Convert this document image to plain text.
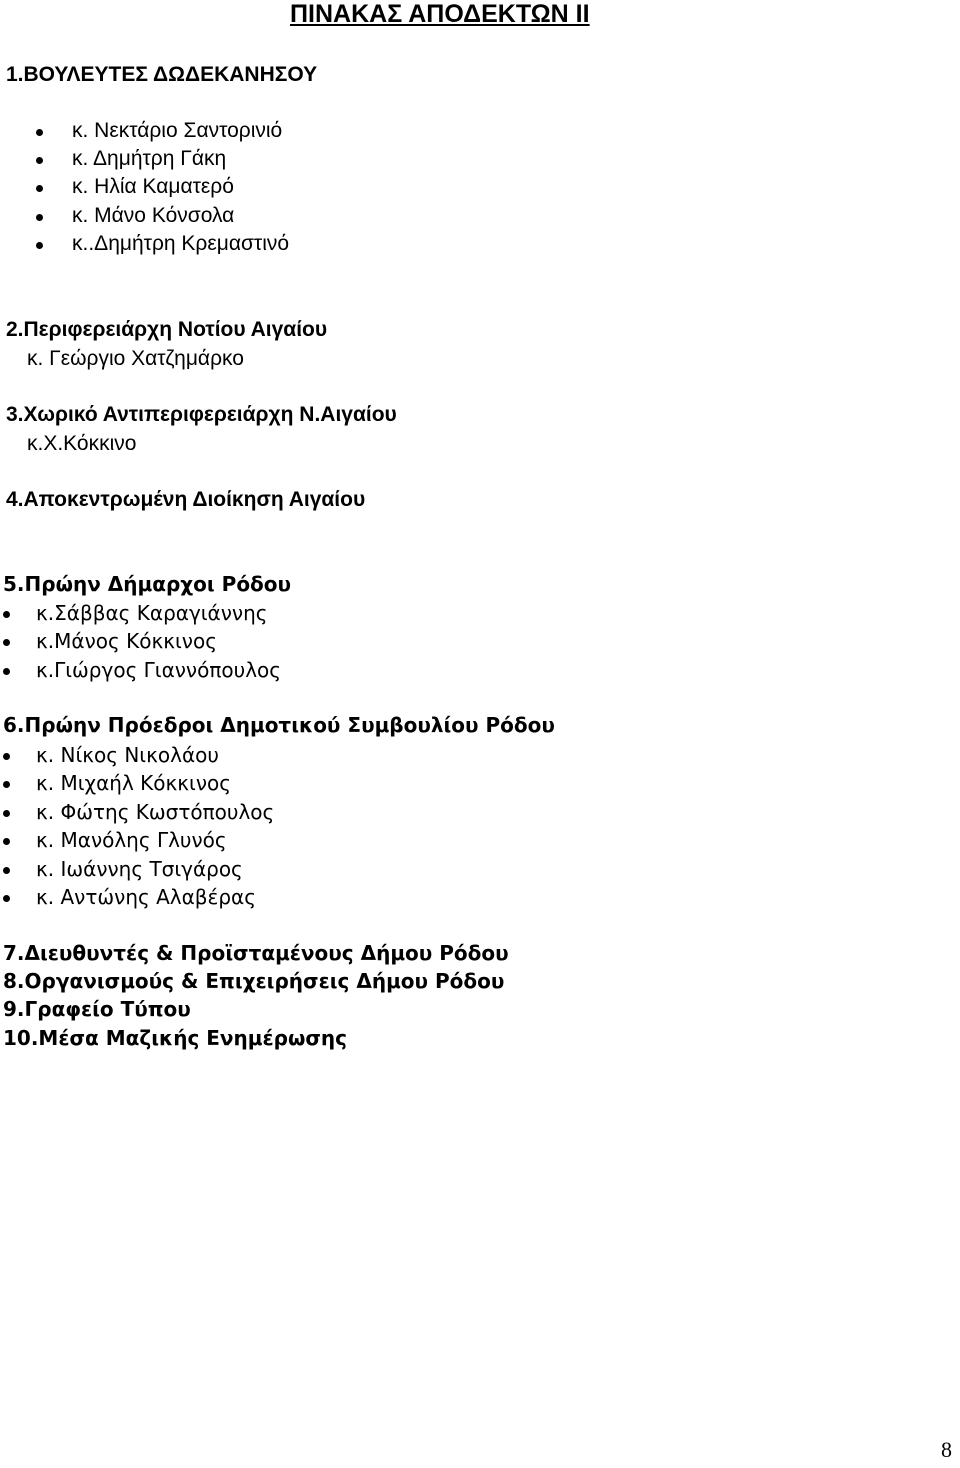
ΠΙΝΑΚΑΣ ΑΠΟΔΕΚΤΩΝ ΙΙ
1.ΒΟΥΛΕΥΤΕΣ ΔΩΔΕΚΑΝΗΣΟΥ
κ. Νεκτάριο Σαντορινιό
κ. Δημήτρη Γάκη
κ. Ηλία Καματερό
κ. Μάνο Κόνσολα
κ..Δημήτρη Κρεμαστινό
2.Περιφερειάρχη Νοτίου Αιγαίου
κ. Γεώργιο Χατζημάρκο
3.Χωρικό Αντιπεριφερειάρχη Ν.Αιγαίου
κ.Χ.Κόκκινο
4.Αποκεντρωμένη Διοίκηση Αιγαίου
5.Πρώην Δήμαρχοι Ρόδου
κ.Σάββας Καραγιάννης
κ.Μάνος Κόκκινος
κ.Γιώργος Γιαννόπουλος
6.Πρώην Πρόεδροι Δημοτικού Συμβουλίου Ρόδου
κ. Νίκος Νικολάου
κ. Μιχαήλ Κόκκινος
κ. Φώτης Κωστόπουλος
κ. Μανόλης Γλυνός
κ. Ιωάννης Τσιγάρος
κ. Αντώνης Αλαβέρας
7.Διευθυντές & Προϊσταμένους Δήμου Ρόδου
8.Οργανισμούς & Επιχειρήσεις Δήμου Ρόδου
9.Γραφείο Τύπου
10.Μέσα Μαζικής Ενημέρωσης
8
